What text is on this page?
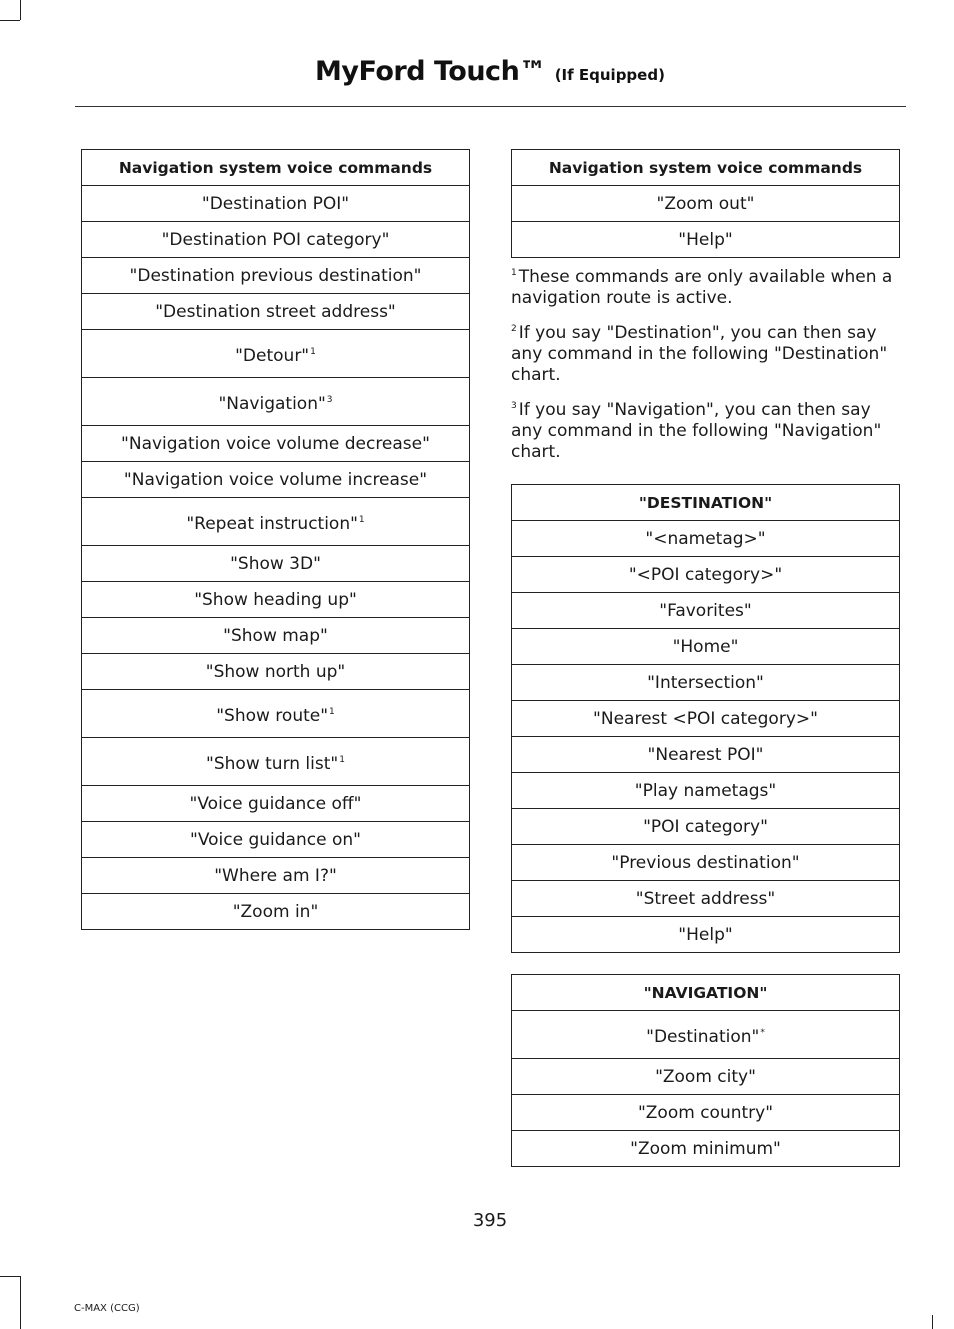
MyFord Touch™ (If Equipped)
Navigation system voice commands
"Destination POI"
"Destination POI category"
"Destination previous destination"
"Destination street address"
"Detour"$^1$
"Navigation"$^3$
"Navigation voice volume decrease"
"Navigation voice volume increase"
"Repeat instruction"$^1$
"Show 3D"
"Show heading up"
"Show map"
"Show north up"
"Show route"$^1$
"Show turn list"$^1$
"Voice guidance off"
"Voice guidance on"
"Where am I?"
"Zoom in"
Navigation system voice commands
"Zoom out"
"Help"

$^1$ These commands are only available when a navigation route is active.

$^2$ If you say "Destination", you can then say any command in the following "Destination" chart.

$^3$ If you say "Navigation", you can then say any command in the following "Navigation" chart.

"DESTINATION"
"<nametag>"
"<POI category>"
"Favorites"
"Home"
"Intersection"
"Nearest <POI category>"
"Nearest POI"
"Play nametags"
"POI category"
"Previous destination"
"Street address"
"Help"
"NAVIGATION"
"Destination"*
"Zoom city"
"Zoom country"
"Zoom minimum"
395
C-MAX (CCG)
